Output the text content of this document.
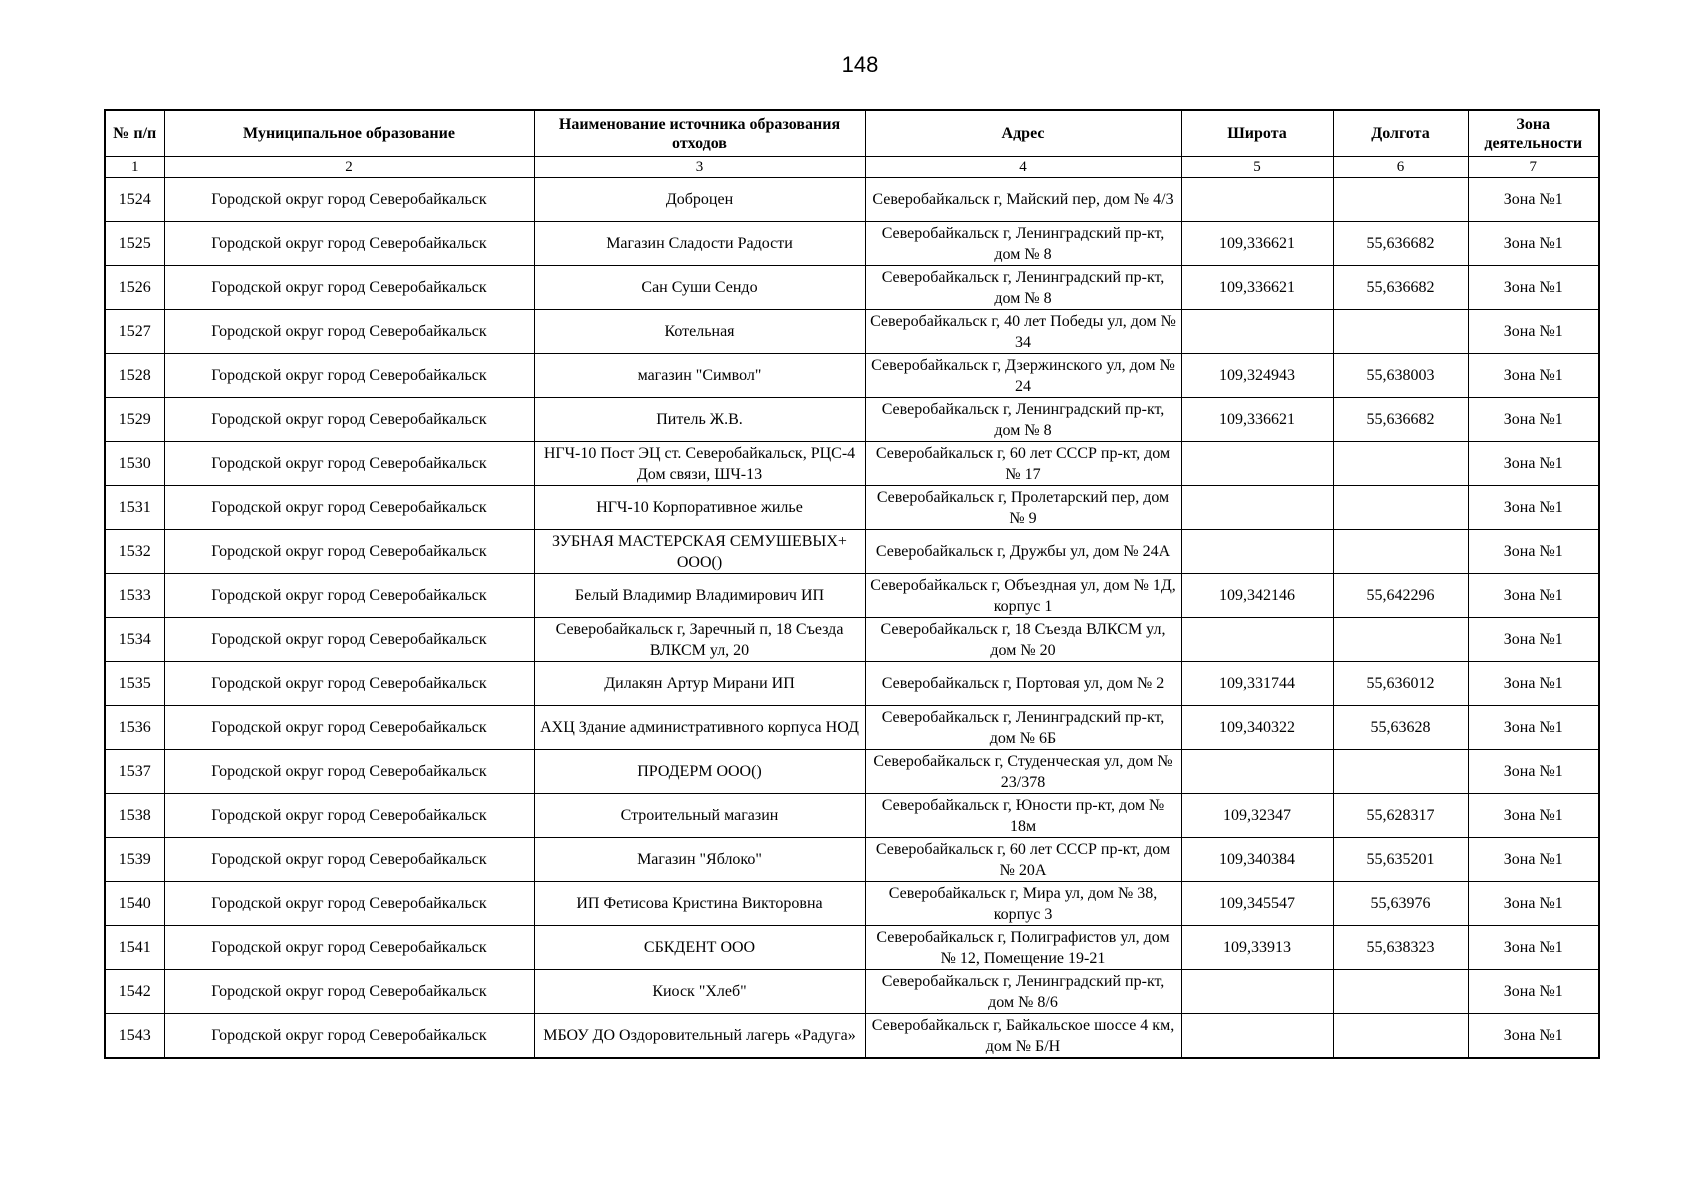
148
№ п/п	Муниципальное образование	Наименование источника образования отходов	Адрес	Широта	Долгота	Зона деятельности
1	2	3	4	5	6	7
1524	Городской округ город Северобайкальск	Доброцен	Северобайкальск г, Майский пер, дом № 4/3			Зона №1
1525	Городской округ город Северобайкальск	Магазин Сладости Радости	Северобайкальск г, Ленинградский пр-кт, дом № 8	109,336621	55,636682	Зона №1
1526	Городской округ город Северобайкальск	Сан Суши Сендо	Северобайкальск г, Ленинградский пр-кт, дом № 8	109,336621	55,636682	Зона №1
1527	Городской округ город Северобайкальск	Котельная	Северобайкальск г, 40 лет Победы ул, дом № 34			Зона №1
1528	Городской округ город Северобайкальск	магазин "Символ"	Северобайкальск г, Дзержинского ул, дом № 24	109,324943	55,638003	Зона №1
1529	Городской округ город Северобайкальск	Питель Ж.В.	Северобайкальск г, Ленинградский пр-кт, дом № 8	109,336621	55,636682	Зона №1
1530	Городской округ город Северобайкальск	НГЧ-10 Пост ЭЦ ст. Северобайкальск, РЦС-4 Дом связи, ШЧ-13	Северобайкальск г, 60 лет СССР пр-кт, дом № 17			Зона №1
1531	Городской округ город Северобайкальск	НГЧ-10 Корпоративное жилье	Северобайкальск г, Пролетарский пер, дом № 9			Зона №1
1532	Городской округ город Северобайкальск	ЗУБНАЯ МАСТЕРСКАЯ СЕМУШЕВЫХ+ ООО()	Северобайкальск г, Дружбы ул, дом № 24А			Зона №1
1533	Городской округ город Северобайкальск	Белый Владимир Владимирович ИП	Северобайкальск г, Объездная ул, дом № 1Д, корпус 1	109,342146	55,642296	Зона №1
1534	Городской округ город Северобайкальск	Северобайкальск г, Заречный п, 18 Съезда ВЛКСМ ул, 20	Северобайкальск г, 18 Съезда ВЛКСМ ул, дом № 20			Зона №1
1535	Городской округ город Северобайкальск	Дилакян Артур Мирани ИП	Северобайкальск г, Портовая ул, дом № 2	109,331744	55,636012	Зона №1
1536	Городской округ город Северобайкальск	АХЦ Здание административного корпуса НОД	Северобайкальск г, Ленинградский пр-кт, дом № 6Б	109,340322	55,63628	Зона №1
1537	Городской округ город Северобайкальск	ПРОДЕРМ ООО()	Северобайкальск г, Студенческая ул, дом № 23/378			Зона №1
1538	Городской округ город Северобайкальск	Строительный магазин	Северобайкальск г, Юности пр-кт, дом № 18м	109,32347	55,628317	Зона №1
1539	Городской округ город Северобайкальск	Магазин "Яблоко"	Северобайкальск г, 60 лет СССР пр-кт, дом № 20А	109,340384	55,635201	Зона №1
1540	Городской округ город Северобайкальск	ИП Фетисова Кристина Викторовна	Северобайкальск г, Мира ул, дом № 38, корпус 3	109,345547	55,63976	Зона №1
1541	Городской округ город Северобайкальск	СБКДЕНТ ООО	Северобайкальск г, Полиграфистов ул, дом № 12, Помещение 19-21	109,33913	55,638323	Зона №1
1542	Городской округ город Северобайкальск	Киоск "Хлеб"	Северобайкальск г, Ленинградский пр-кт, дом № 8/6			Зона №1
1543	Городской округ город Северобайкальск	МБОУ ДО Оздоровительный лагерь «Радуга»	Северобайкальск г, Байкальское шоссе 4 км, дом № Б/Н			Зона №1
